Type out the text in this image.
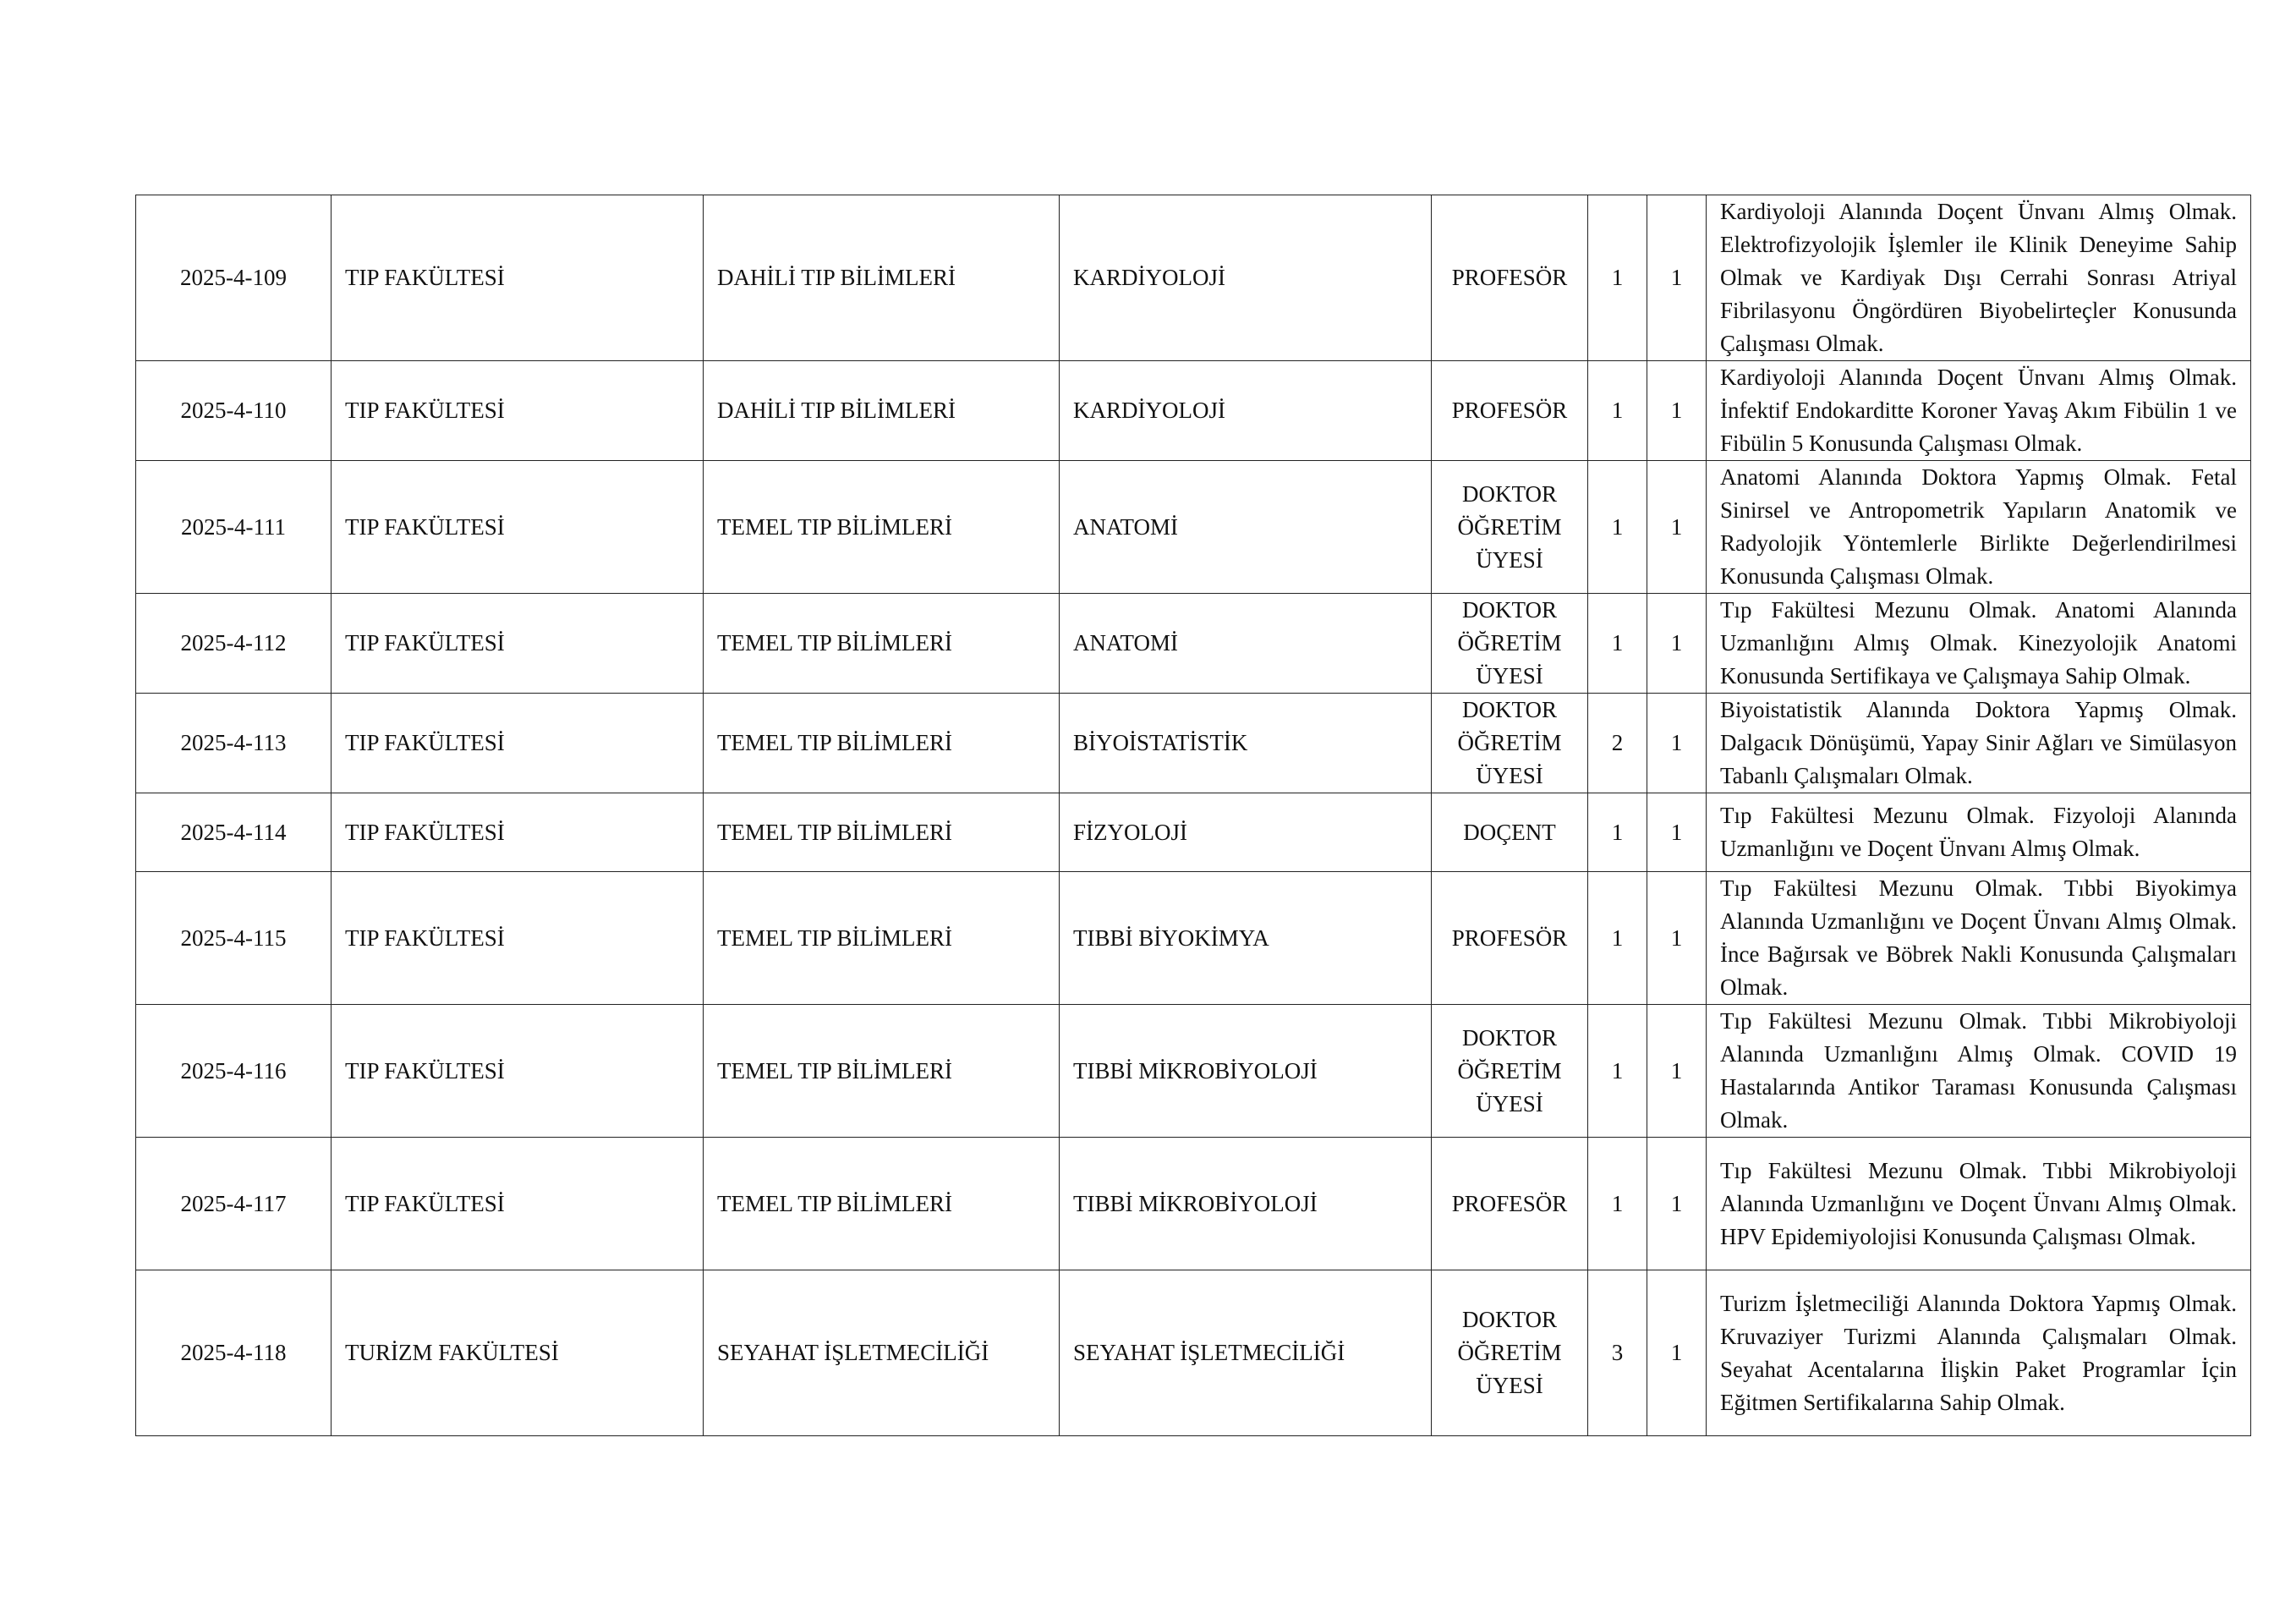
2025-4-109	TIP FAKÜLTESİ	DAHİLİ TIP BİLİMLERİ	KARDİYOLOJİ	PROFESÖR	1	1	Kardiyoloji Alanında Doçent Ünvanı Almış Olmak. Elektrofizyolojik İşlemler ile Klinik Deneyime Sahip Olmak ve Kardiyak Dışı Cerrahi Sonrası Atriyal Fibrilasyonu Öngördüren Biyobelirteçler Konusunda Çalışması Olmak.
2025-4-110	TIP FAKÜLTESİ	DAHİLİ TIP BİLİMLERİ	KARDİYOLOJİ	PROFESÖR	1	1	Kardiyoloji Alanında Doçent Ünvanı Almış Olmak. İnfektif Endokarditte Koroner Yavaş Akım Fibülin 1 ve Fibülin 5 Konusunda Çalışması Olmak.
2025-4-111	TIP FAKÜLTESİ	TEMEL TIP BİLİMLERİ	ANATOMİ	DOKTOR ÖĞRETİM ÜYESİ	1	1	Anatomi Alanında Doktora Yapmış Olmak. Fetal Sinirsel ve Antropometrik Yapıların Anatomik ve Radyolojik Yöntemlerle Birlikte Değerlendirilmesi Konusunda Çalışması Olmak.
2025-4-112	TIP FAKÜLTESİ	TEMEL TIP BİLİMLERİ	ANATOMİ	DOKTOR ÖĞRETİM ÜYESİ	1	1	Tıp Fakültesi Mezunu Olmak. Anatomi Alanında Uzmanlığını Almış Olmak. Kinezyolojik Anatomi Konusunda Sertifikaya ve Çalışmaya Sahip Olmak.
2025-4-113	TIP FAKÜLTESİ	TEMEL TIP BİLİMLERİ	BİYOİSTATİSTİK	DOKTOR ÖĞRETİM ÜYESİ	2	1	Biyoistatistik Alanında Doktora Yapmış Olmak. Dalgacık Dönüşümü, Yapay Sinir Ağları ve Simülasyon Tabanlı Çalışmaları Olmak.
2025-4-114	TIP FAKÜLTESİ	TEMEL TIP BİLİMLERİ	FİZYOLOJİ	DOÇENT	1	1	Tıp Fakültesi Mezunu Olmak. Fizyoloji Alanında Uzmanlığını ve Doçent Ünvanı Almış Olmak.
2025-4-115	TIP FAKÜLTESİ	TEMEL TIP BİLİMLERİ	TIBBİ BİYOKİMYA	PROFESÖR	1	1	Tıp Fakültesi Mezunu Olmak. Tıbbi Biyokimya Alanında Uzmanlığını ve Doçent Ünvanı Almış Olmak. İnce Bağırsak ve Böbrek Nakli Konusunda Çalışmaları Olmak.
2025-4-116	TIP FAKÜLTESİ	TEMEL TIP BİLİMLERİ	TIBBİ MİKROBİYOLOJİ	DOKTOR ÖĞRETİM ÜYESİ	1	1	Tıp Fakültesi Mezunu Olmak. Tıbbi Mikrobiyoloji Alanında Uzmanlığını Almış Olmak. COVID 19 Hastalarında Antikor Taraması Konusunda Çalışması Olmak.
2025-4-117	TIP FAKÜLTESİ	TEMEL TIP BİLİMLERİ	TIBBİ MİKROBİYOLOJİ	PROFESÖR	1	1	Tıp Fakültesi Mezunu Olmak. Tıbbi Mikrobiyoloji Alanında Uzmanlığını ve Doçent Ünvanı Almış Olmak. HPV Epidemiyolojisi Konusunda Çalışması Olmak.
2025-4-118	TURİZM FAKÜLTESİ	SEYAHAT İŞLETMECİLİĞİ	SEYAHAT İŞLETMECİLİĞİ	DOKTOR ÖĞRETİM ÜYESİ	3	1	Turizm İşletmeciliği Alanında Doktora Yapmış Olmak. Kruvaziyer Turizmi Alanında Çalışmaları Olmak. Seyahat Acentalarına İlişkin Paket Programlar İçin Eğitmen Sertifikalarına Sahip Olmak.
